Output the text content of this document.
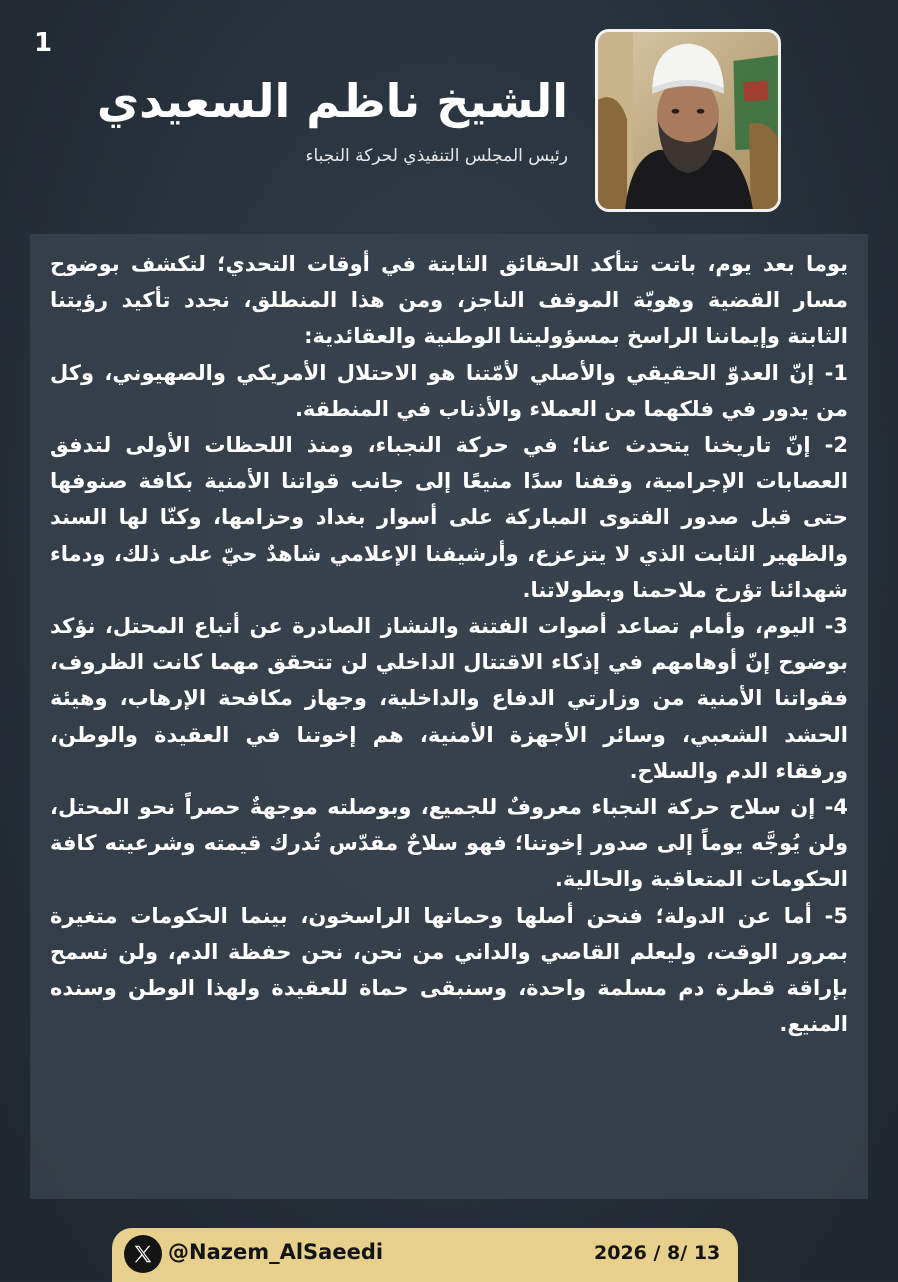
1
الشيخ ناظم السعيدي
رئيس المجلس التنفيذي لحركة النجباء

يوما بعد يوم، باتت تتأكد الحقائق الثابتة في أوقات التحدي؛ لتكشف بوضوح مسار القضية وهويّة الموقف الناجز، ومن هذا المنطلق، نجدد تأكيد رؤيتنا الثابتة وإيماننا الراسخ بمسؤوليتنا الوطنية والعقائدية:
1- إنّ العدوّ الحقيقي والأصلي لأمّتنا هو الاحتلال الأمريكي والصهيوني، وكل من يدور في فلكهما من العملاء والأذناب في المنطقة.
2- إنّ تاريخنا يتحدث عنا؛ في حركة النجباء، ومنذ اللحظات الأولى لتدفق العصابات الإجرامية، وقفنا سدًا منيعًا إلى جانب قواتنا الأمنية بكافة صنوفها حتى قبل صدور الفتوى المباركة على أسوار بغداد وحزامها، وكنّا لها السند والظهير الثابت الذي لا يتزعزع، وأرشيفنا الإعلامي شاهدٌ حيّ على ذلك، ودماء شهدائنا تؤرخ ملاحمنا وبطولاتنا.
3- اليوم، وأمام تصاعد أصوات الفتنة والنشاز الصادرة عن أتباع المحتل، نؤكد بوضوح إنّ أوهامهم في إذكاء الاقتتال الداخلي لن تتحقق مهما كانت الظروف، فقواتنا الأمنية من وزارتي الدفاع والداخلية، وجهاز مكافحة الإرهاب، وهيئة الحشد الشعبي، وسائر الأجهزة الأمنية، هم إخوتنا في العقيدة والوطن، ورفقاء الدم والسلاح.
4- إن سلاح حركة النجباء معروفٌ للجميع، وبوصلته موجهةٌ حصراً نحو المحتل، ولن يُوجَّه يوماً إلى صدور إخوتنا؛ فهو سلاحٌ مقدّس تُدرك قيمته وشرعيته كافة الحكومات المتعاقبة والحالية.
5- أما عن الدولة؛ فنحن أصلها وحماتها الراسخون، بينما الحكومات متغيرة بمرور الوقت، وليعلم القاصي والداني من نحن، نحن حفظة الدم، ولن نسمح بإراقة قطرة دم مسلمة واحدة، وسنبقى حماة للعقيدة ولهذا الوطن وسنده المنيع.

@Nazem_AlSaeedi	2026 / 8/ 13
